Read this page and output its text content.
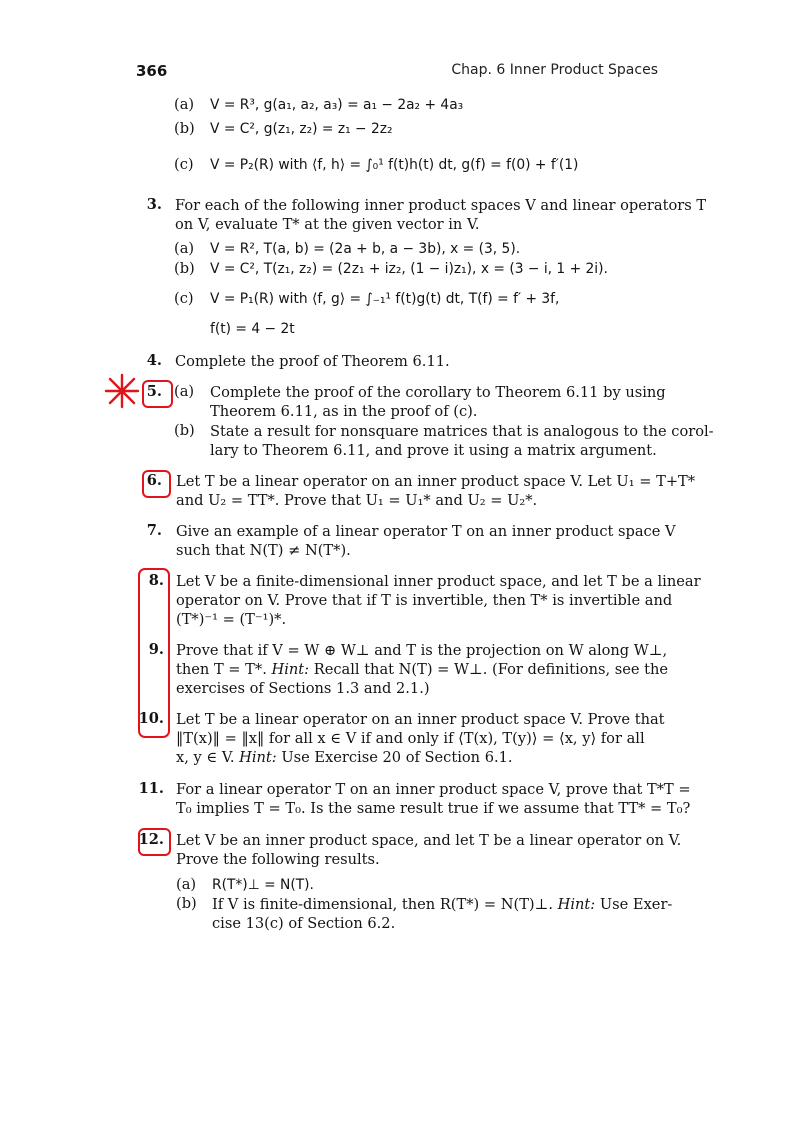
366	Chap. 6 Inner Product Spaces
(a) V = R³, g(a₁, a₂, a₃) = a₁ − 2a₂ + 4a₃
(b) V = C², g(z₁, z₂) = z₁ − 2z₂
(c) V = P₂(R) with ⟨f, h⟩ = ∫₀¹ f(t)h(t) dt, g(f) = f(0) + f′(1)
3. For each of the following inner product spaces V and linear operators T
on V, evaluate T* at the given vector in V.
(a) V = R², T(a, b) = (2a + b, a − 3b), x = (3, 5).
(b) V = C², T(z₁, z₂) = (2z₁ + iz₂, (1 − i)z₁), x = (3 − i, 1 + 2i).
(c) V = P₁(R) with ⟨f, g⟩ = ∫₋₁¹ f(t)g(t) dt, T(f) = f′ + 3f,
f(t) = 4 − 2t
4. Complete the proof of Theorem 6.11.
5. (a) Complete the proof of the corollary to Theorem 6.11 by using
Theorem 6.11, as in the proof of (c).
(b) State a result for nonsquare matrices that is analogous to the corol-
lary to Theorem 6.11, and prove it using a matrix argument.
6. Let T be a linear operator on an inner product space V. Let U₁ = T+T*
and U₂ = TT*. Prove that U₁ = U₁* and U₂ = U₂*.
7. Give an example of a linear operator T on an inner product space V
such that N(T) ≠ N(T*).
8. Let V be a finite-dimensional inner product space, and let T be a linear
operator on V. Prove that if T is invertible, then T* is invertible and
(T*)⁻¹ = (T⁻¹)*.
9. Prove that if V = W ⊕ W⊥ and T is the projection on W along W⊥,
then T = T*. Hint: Recall that N(T) = W⊥. (For definitions, see the
exercises of Sections 1.3 and 2.1.)
10. Let T be a linear operator on an inner product space V. Prove that
‖T(x)‖ = ‖x‖ for all x ∈ V if and only if ⟨T(x), T(y)⟩ = ⟨x, y⟩ for all
x, y ∈ V. Hint: Use Exercise 20 of Section 6.1.
11. For a linear operator T on an inner product space V, prove that T*T =
T₀ implies T = T₀. Is the same result true if we assume that TT* = T₀?
12. Let V be an inner product space, and let T be a linear operator on V.
Prove the following results.
(a) R(T*)⊥ = N(T).
(b) If V is finite-dimensional, then R(T*) = N(T)⊥. Hint: Use Exer-
cise 13(c) of Section 6.2.
